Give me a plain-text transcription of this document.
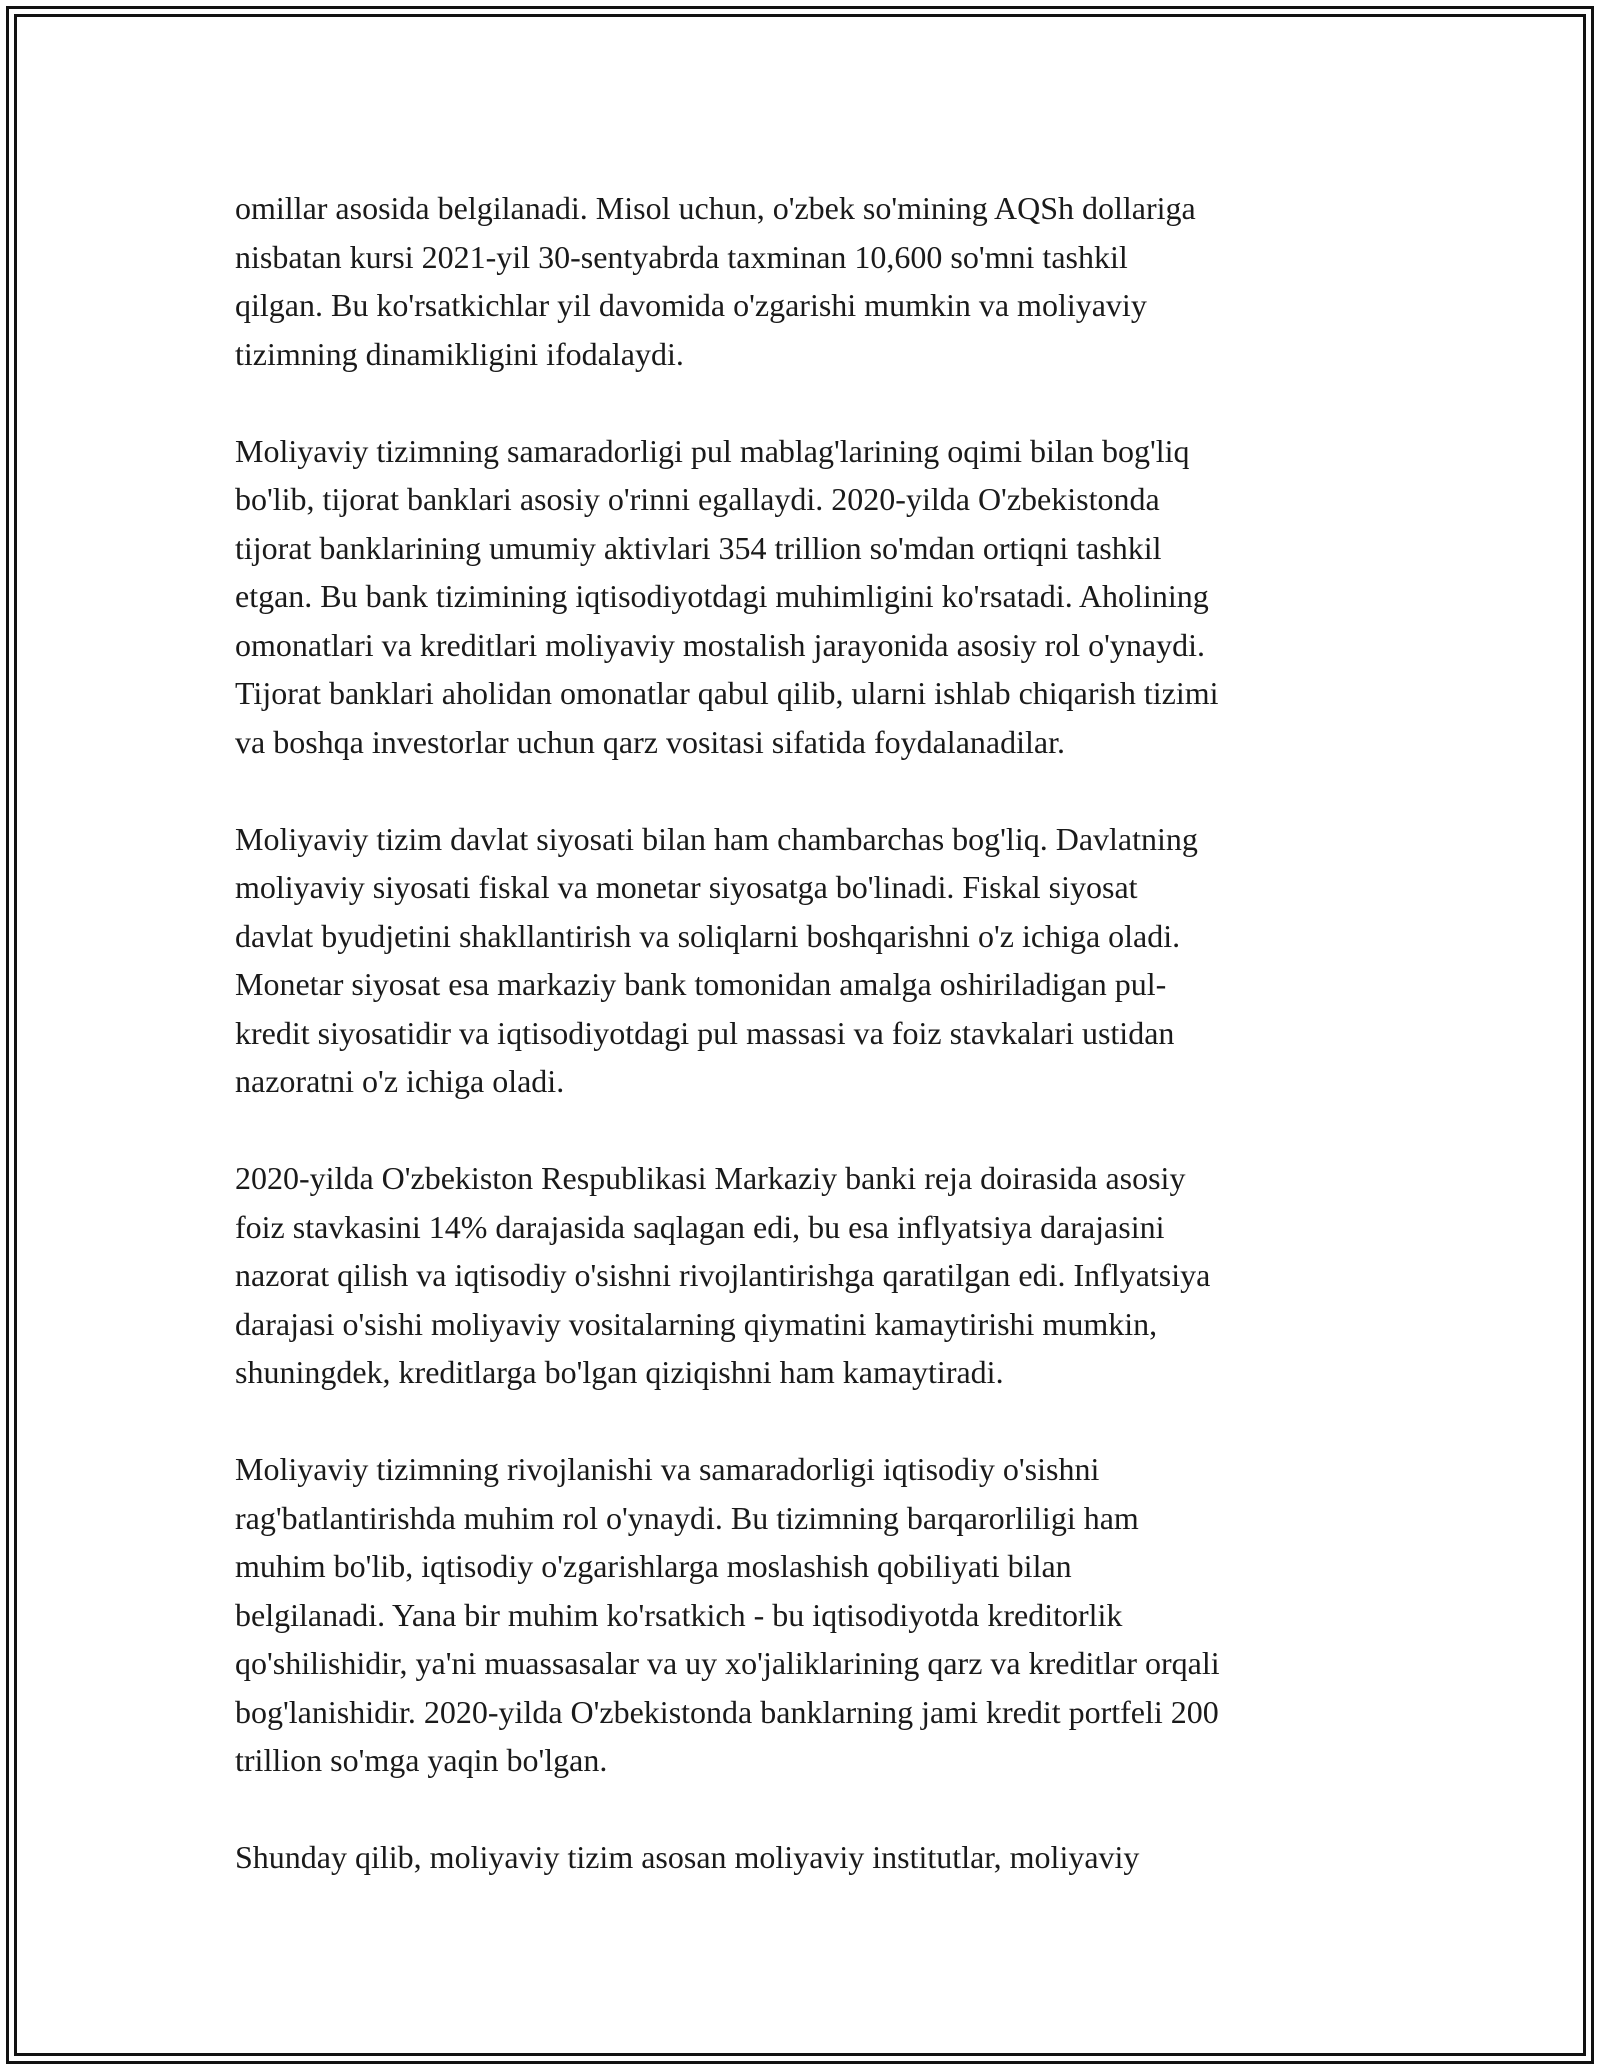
omillar asosida belgilanadi. Misol uchun, o'zbek so'mining AQSh dollariga
nisbatan kursi 2021-yil 30-sentyabrda taxminan 10,600 so'mni tashkil
qilgan. Bu ko'rsatkichlar yil davomida o'zgarishi mumkin va moliyaviy
tizimning dinamikligini ifodalaydi.
Moliyaviy tizimning samaradorligi pul mablag'larining oqimi bilan bog'liq
bo'lib, tijorat banklari asosiy o'rinni egallaydi. 2020-yilda O'zbekistonda
tijorat banklarining umumiy aktivlari 354 trillion so'mdan ortiqni tashkil
etgan. Bu bank tizimining iqtisodiyotdagi muhimligini ko'rsatadi. Aholining
omonatlari va kreditlari moliyaviy mostalish jarayonida asosiy rol o'ynaydi.
Tijorat banklari aholidan omonatlar qabul qilib, ularni ishlab chiqarish tizimi
va boshqa investorlar uchun qarz vositasi sifatida foydalanadilar.
Moliyaviy tizim davlat siyosati bilan ham chambarchas bog'liq. Davlatning
moliyaviy siyosati fiskal va monetar siyosatga bo'linadi. Fiskal siyosat
davlat byudjetini shakllantirish va soliqlarni boshqarishni o'z ichiga oladi.
Monetar siyosat esa markaziy bank tomonidan amalga oshiriladigan pul-
kredit siyosatidir va iqtisodiyotdagi pul massasi va foiz stavkalari ustidan
nazoratni o'z ichiga oladi.
2020-yilda O'zbekiston Respublikasi Markaziy banki reja doirasida asosiy
foiz stavkasini 14% darajasida saqlagan edi, bu esa inflyatsiya darajasini
nazorat qilish va iqtisodiy o'sishni rivojlantirishga qaratilgan edi. Inflyatsiya
darajasi o'sishi moliyaviy vositalarning qiymatini kamaytirishi mumkin,
shuningdek, kreditlarga bo'lgan qiziqishni ham kamaytiradi.
Moliyaviy tizimning rivojlanishi va samaradorligi iqtisodiy o'sishni
rag'batlantirishda muhim rol o'ynaydi. Bu tizimning barqarorliligi ham
muhim bo'lib, iqtisodiy o'zgarishlarga moslashish qobiliyati bilan
belgilanadi. Yana bir muhim ko'rsatkich - bu iqtisodiyotda kreditorlik
qo'shilishidir, ya'ni muassasalar va uy xo'jaliklarining qarz va kreditlar orqali
bog'lanishidir. 2020-yilda O'zbekistonda banklarning jami kredit portfeli 200
trillion so'mga yaqin bo'lgan.
Shunday qilib, moliyaviy tizim asosan moliyaviy institutlar, moliyaviy
